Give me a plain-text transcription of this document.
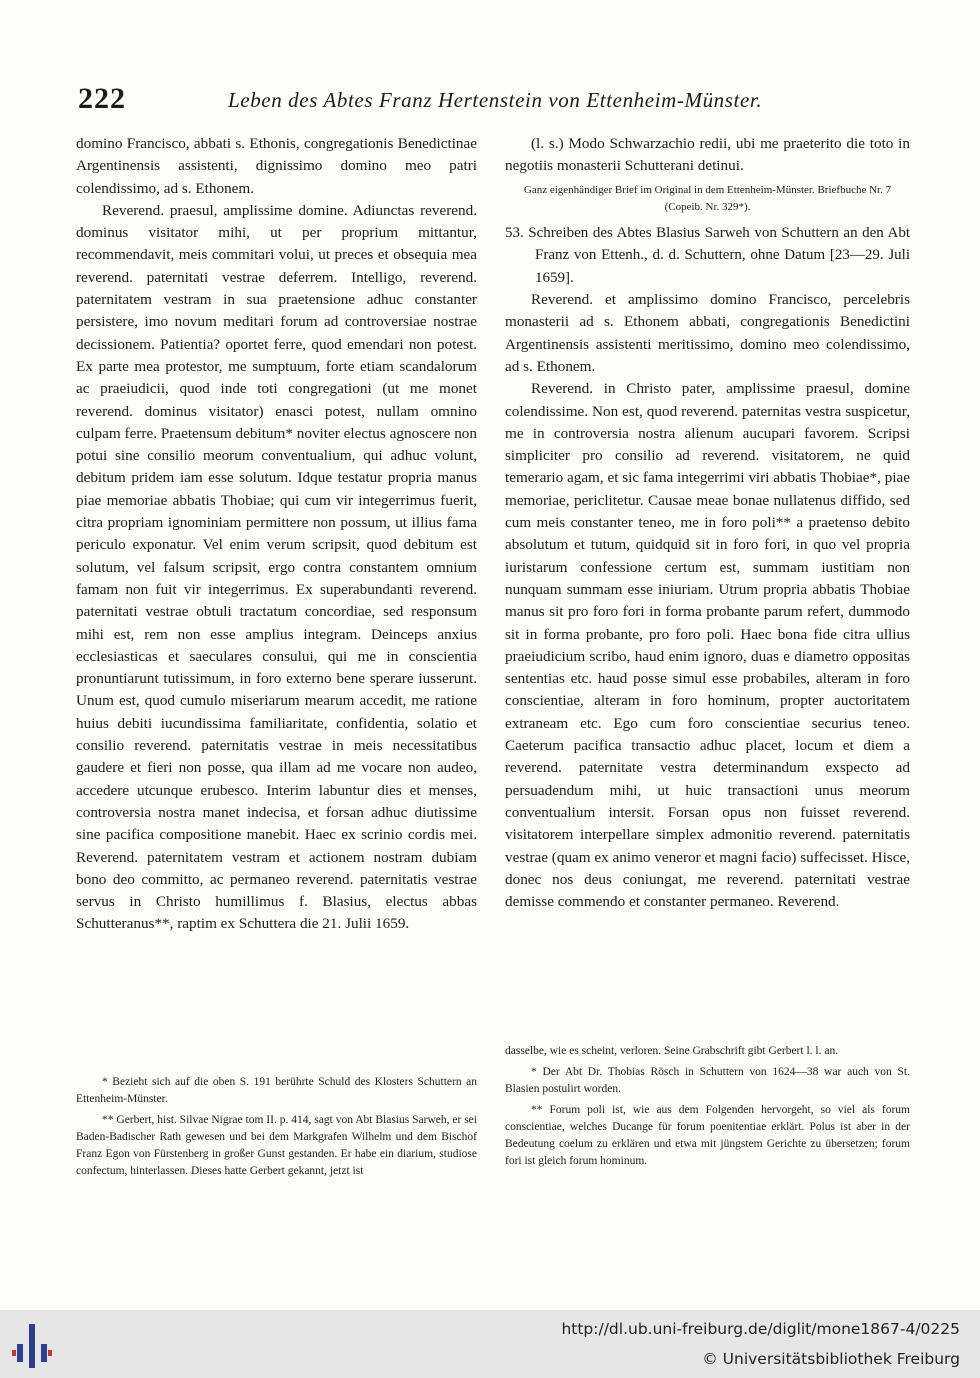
222	Leben des Abtes Franz Hertenstein von Ettenheim-Münster.

domino Francisco, abbati s. Ethonis, congregationis Benedictinae Argentinensis assistenti, dignissimo domino meo patri colendissimo, ad s. Ethonem.

Reverend. praesul, amplissime domine. Adiunctas reverend. dominus visitator mihi, ut per proprium mittantur, recommendavit, meis commitari volui, ut preces et obsequia mea reverend. paternitati vestrae deferrem. Intelligo, reverend. paternitatem vestram in sua praetensione adhuc constanter persistere, imo novum meditari forum ad controversiae nostrae decissionem. Patientia? oportet ferre, quod emendari non potest. Ex parte mea protestor, me sumptuum, forte etiam scandalorum ac praeiudicii, quod inde toti congregationi (ut me monet reverend. dominus visitator) enasci potest, nullam omnino culpam ferre. Praetensum debitum* noviter electus agnoscere non potui sine consilio meorum conventualium, qui adhuc volunt, debitum pridem iam esse solutum. Idque testatur propria manus piae memoriae abbatis Thobiae; qui cum vir integerrimus fuerit, citra propriam ignominiam permittere non possum, ut illius fama periculo exponatur. Vel enim verum scripsit, quod debitum est solutum, vel falsum scripsit, ergo contra constantem omnium famam non fuit vir integerrimus. Ex superabundanti reverend. paternitati vestrae obtuli tractatum concordiae, sed responsum mihi est, rem non esse amplius integram. Deinceps anxius ecclesiasticas et saeculares consului, qui me in conscientia pronuntiarunt tutissimum, in foro externo bene sperare iusserunt. Unum est, quod cumulo miseriarum mearum accedit, me ratione huius debiti iucundissima familiaritate, confidentia, solatio et consilio reverend. paternitatis vestrae in meis necessitatibus gaudere et fieri non posse, qua illam ad me vocare non audeo, accedere utcunque erubesco. Interim labuntur dies et menses, controversia nostra manet indecisa, et forsan adhuc diutissime sine pacifica compositione manebit. Haec ex scrinio cordis mei. Reverend. paternitatem vestram et actionem nostram dubiam bono deo committo, ac permaneo reverend. paternitatis vestrae servus in Christo humillimus f. Blasius, electus abbas Schutteranus**, raptim ex Schuttera die 21. Julii 1659.

(l. s.) Modo Schwarzachio redii, ubi me praeterito die toto in negotiis monasterii Schutterani detinui.

Ganz eigenhändiger Brief im Original in dem Ettenheim-Münster. Briefbuche Nr. 7 (Copeib. Nr. 329*).

53. Schreiben des Abtes Blasius Sarweh von Schuttern an den Abt Franz von Ettenh., d. d. Schuttern, ohne Datum [23—29. Juli 1659].

Reverend. et amplissimo domino Francisco, percelebris monasterii ad s. Ethonem abbati, congregationis Benedictini Argentinensis assistenti meritissimo, domino meo colendissimo, ad s. Ethonem.

Reverend. in Christo pater, amplissime praesul, domine colendissime. Non est, quod reverend. paternitas vestra suspicetur, me in controversia nostra alienum aucupari favorem. Scripsi simpliciter pro consilio ad reverend. visitatorem, ne quid temerario agam, et sic fama integerrimi viri abbatis Thobiae*, piae memoriae, periclitetur. Causae meae bonae nullatenus diffido, sed cum meis constanter teneo, me in foro poli** a praetenso debito absolutum et tutum, quidquid sit in foro fori, in quo vel propria iuristarum confessione certum est, summam iustitiam non nunquam summam esse iniuriam. Utrum propria abbatis Thobiae manus sit pro foro fori in forma probante parum refert, dummodo sit in forma probante, pro foro poli. Haec bona fide citra ullius praeiudicium scribo, haud enim ignoro, duas e diametro oppositas sententias etc. haud posse simul esse probabiles, alteram in foro conscientiae, alteram in foro hominum, propter auctoritatem extraneam etc. Ego cum foro conscientiae securius teneo. Caeterum pacifica transactio adhuc placet, locum et diem a reverend. paternitate vestra determinandum exspecto ad persuadendum mihi, ut huic transactioni unus meorum conventualium intersit. Forsan opus non fuisset reverend. visitatorem interpellare simplex admonitio reverend. paternitatis vestrae (quam ex animo veneror et magni facio) suffecisset. Hisce, donec nos deus coniungat, me reverend. paternitati vestrae demisse commendo et constanter permaneo. Reverend.

* Bezieht sich auf die oben S. 191 berührte Schuld des Klosters Schuttern an Ettenheim-Münster.

** Gerbert, hist. Silvae Nigrae tom II. p. 414, sagt von Abt Blasius Sarweh, er sei Baden-Badischer Rath gewesen und bei dem Markgrafen Wilhelm und dem Bischof Franz Egon von Fürstenberg in großer Gunst gestanden. Er habe ein diarium, studiose confectum, hinterlassen. Dieses hatte Gerbert gekannt, jetzt ist

dasselbe, wie es scheint, verloren. Seine Grabschrift gibt Gerbert l. l. an.

* Der Abt Dr. Thobias Rösch in Schuttern von 1624—38 war auch von St. Blasien postulirt worden.

** Forum poli ist, wie aus dem Folgenden hervorgeht, so viel als forum conscientiae, welches Ducange für forum poenitentiae erklärt. Polus ist aber in der Bedeutung coelum zu erklären und etwa mit jüngstem Gerichte zu übersetzen; forum fori ist gleich forum hominum.

http://dl.ub.uni-freiburg.de/diglit/mone1867-4/0225
© Universitätsbibliothek Freiburg
